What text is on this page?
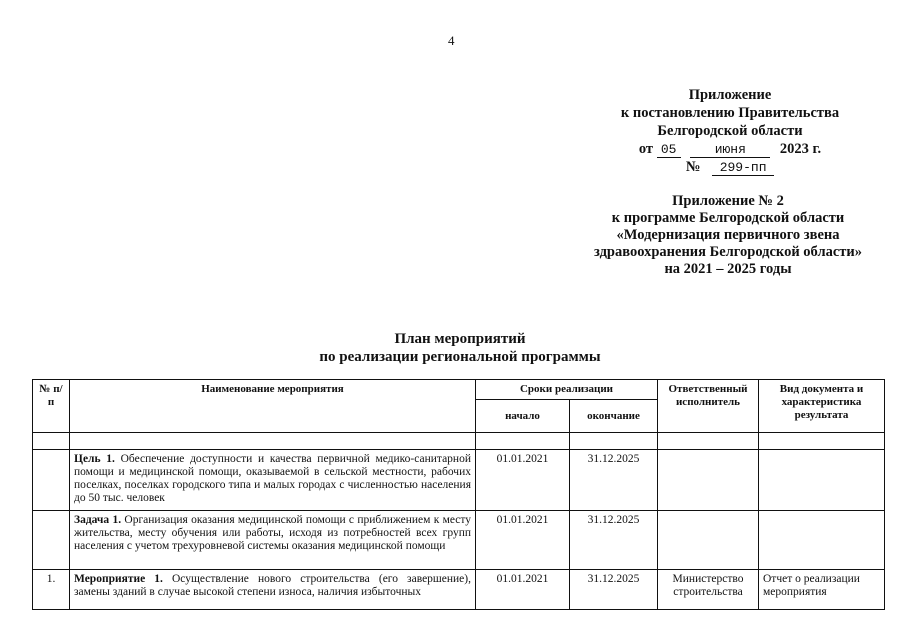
4
Приложение
к постановлению Правительства
Белгородской области
от 05	июня 2023 г.
№ 299-пп
Приложение № 2
к программе Белгородской области
«Модернизация первичного звена
здравоохранения Белгородской области»
на 2021 – 2025 годы
План мероприятий
по реализации региональной программы
№ п/п	Наименование мероприятия	Сроки реализации		Ответственный исполнитель	Вид документа и характеристика результата
		начало	окончание		

	Цель 1. Обеспечение доступности и качества первичной медико-санитарной помощи и медицинской помощи, оказываемой в сельской местности, рабочих поселках, поселках городского типа и малых городах с численностью населения до 50 тыс. человек	01.01.2021	31.12.2025		
	Задача 1. Организация оказания медицинской помощи с приближением к месту жительства, месту обучения или работы, исходя из потребностей всех групп населения с учетом трехуровневой системы оказания медицинской помощи	01.01.2021	31.12.2025		
1.	Мероприятие 1. Осуществление нового строительства (его завершение), замены зданий в случае высокой степени износа, наличия избыточных	01.01.2021	31.12.2025	Министерство строительства	Отчет о реализации мероприятия
